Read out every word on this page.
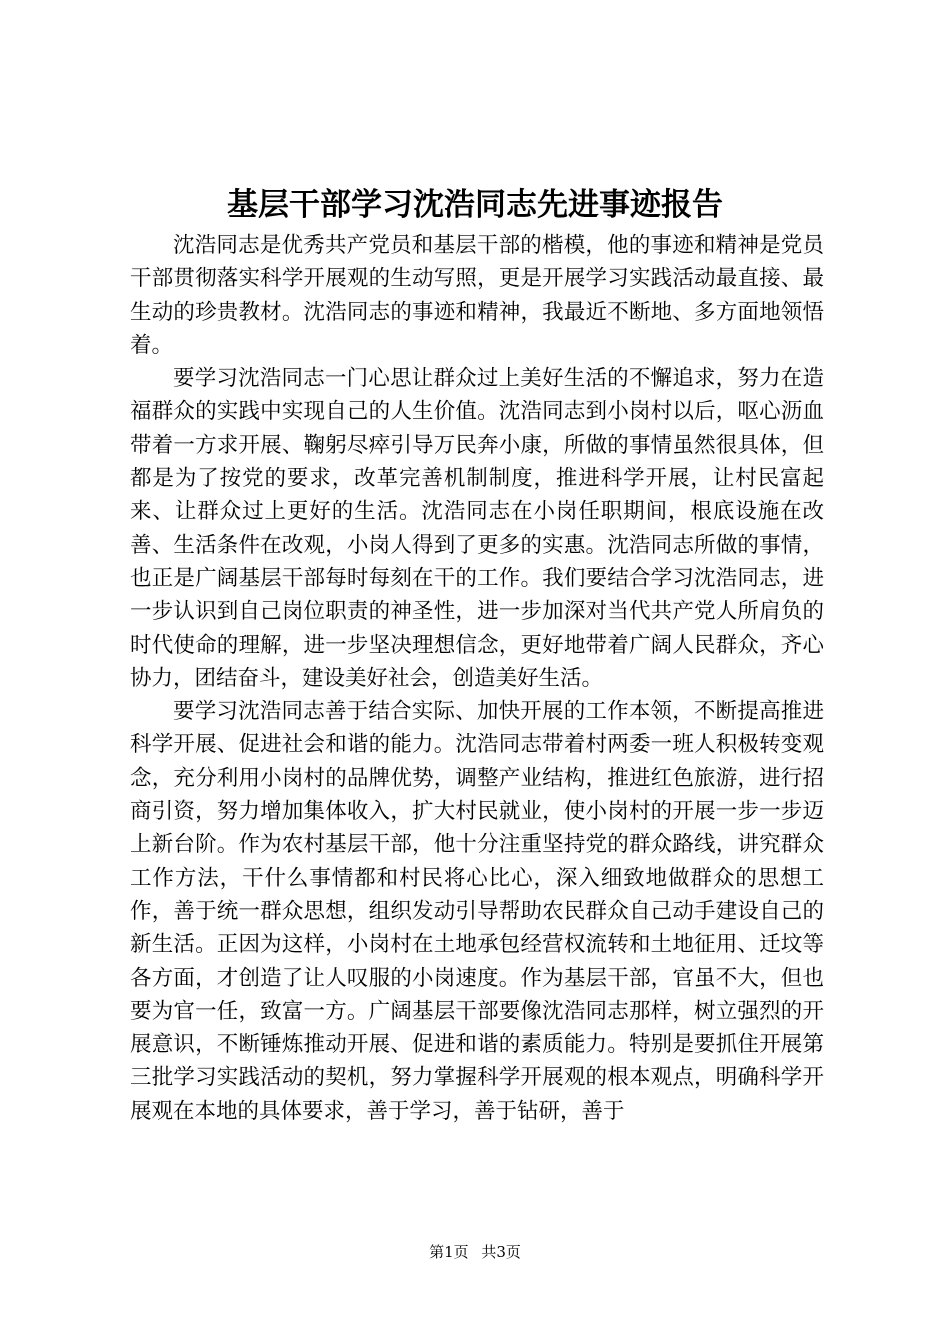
基层干部学习沈浩同志先进事迹报告

沈浩同志是优秀共产党员和基层干部的楷模，他的事迹和精神是党员干部贯彻落实科学开展观的生动写照，更是开展学习实践活动最直接、最生动的珍贵教材。沈浩同志的事迹和精神，我最近不断地、多方面地领悟着。

要学习沈浩同志一门心思让群众过上美好生活的不懈追求，努力在造福群众的实践中实现自己的人生价值。沈浩同志到小岗村以后，呕心沥血带着一方求开展、鞠躬尽瘁引导万民奔小康，所做的事情虽然很具体，但都是为了按党的要求，改革完善机制制度，推进科学开展，让村民富起来、让群众过上更好的生活。沈浩同志在小岗任职期间，根底设施在改善、生活条件在改观，小岗人得到了更多的实惠。沈浩同志所做的事情，也正是广阔基层干部每时每刻在干的工作。我们要结合学习沈浩同志，进一步认识到自己岗位职责的神圣性，进一步加深对当代共产党人所肩负的时代使命的理解，进一步坚决理想信念，更好地带着广阔人民群众，齐心协力，团结奋斗，建设美好社会，创造美好生活。

要学习沈浩同志善于结合实际、加快开展的工作本领，不断提高推进科学开展、促进社会和谐的能力。沈浩同志带着村两委一班人积极转变观念，充分利用小岗村的品牌优势，调整产业结构，推进红色旅游，进行招商引资，努力增加集体收入，扩大村民就业，使小岗村的开展一步一步迈上新台阶。作为农村基层干部，他十分注重坚持党的群众路线，讲究群众工作方法，干什么事情都和村民将心比心，深入细致地做群众的思想工作，善于统一群众思想，组织发动引导帮助农民群众自己动手建设自己的新生活。正因为这样，小岗村在土地承包经营权流转和土地征用、迁坟等各方面，才创造了让人叹服的小岗速度。作为基层干部，官虽不大，但也要为官一任，致富一方。广阔基层干部要像沈浩同志那样，树立强烈的开展意识，不断锤炼推动开展、促进和谐的素质能力。特别是要抓住开展第三批学习实践活动的契机，努力掌握科学开展观的根本观点，明确科学开展观在本地的具体要求，善于学习，善于钻研，善于

第1页 共3页
